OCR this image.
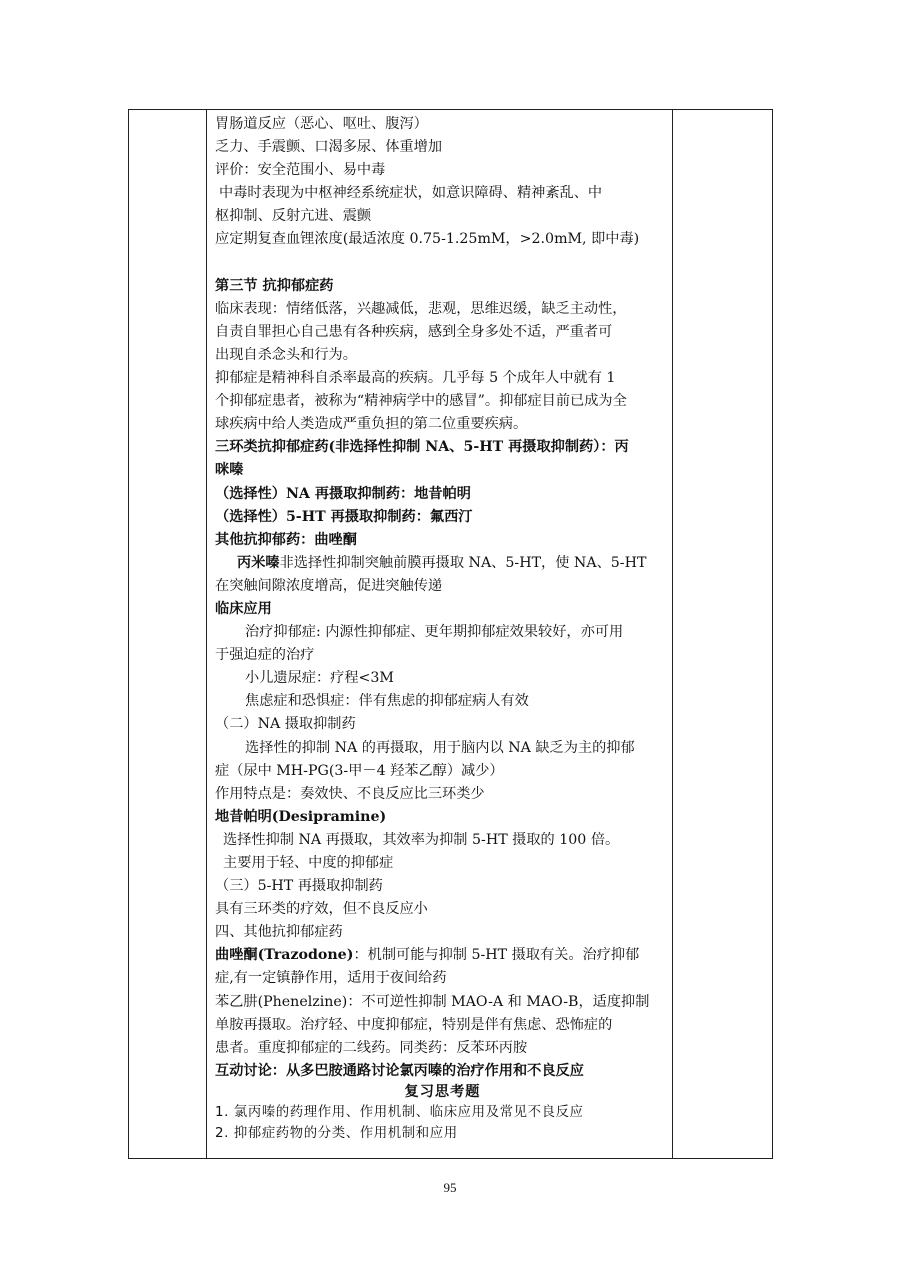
胃肠道反应（恶心、呕吐、腹泻）
乏力、手震颤、口渴多尿、体重增加
评价：安全范围小、易中毒
中毒时表现为中枢神经系统症状，如意识障碍、精神紊乱、中
枢抑制、反射亢进、震颤
应定期复查血锂浓度(最适浓度 0.75-1.25mM，>2.0mM, 即中毒)
第三节 抗抑郁症药
临床表现：情绪低落，兴趣减低，悲观，思维迟缓，缺乏主动性，
自责自罪担心自己患有各种疾病，感到全身多处不适，严重者可
出现自杀念头和行为。
抑郁症是精神科自杀率最高的疾病。几乎每 5 个成年人中就有 1
个抑郁症患者，被称为“精神病学中的感冒”。抑郁症目前已成为全
球疾病中给人类造成严重负担的第二位重要疾病。
三环类抗抑郁症药(非选择性抑制 NA、5-HT 再摄取抑制药）：丙
咪嗪
（选择性）NA 再摄取抑制药：地昔帕明
（选择性）5-HT 再摄取抑制药：氟西汀
其他抗抑郁药：曲唑酮
丙米嗪非选择性抑制突触前膜再摄取 NA、5-HT，使 NA、5-HT
在突触间隙浓度增高，促进突触传递
临床应用
治疗抑郁症: 内源性抑郁症、更年期抑郁症效果较好，亦可用
于强迫症的治疗
小儿遗尿症：疗程<3M
焦虑症和恐惧症：伴有焦虑的抑郁症病人有效
（二）NA 摄取抑制药
选择性的抑制 NA 的再摄取，用于脑内以 NA 缺乏为主的抑郁
症（尿中 MH-PG(3-甲－4 羟苯乙醇）减少）
作用特点是：奏效快、不良反应比三环类少
地昔帕明(Desipramine)
选择性抑制 NA 再摄取，其效率为抑制 5-HT 摄取的 100 倍。
主要用于轻、中度的抑郁症
（三）5-HT 再摄取抑制药
具有三环类的疗效，但不良反应小
四、其他抗抑郁症药
曲唑酮(Trazodone)：机制可能与抑制 5-HT 摄取有关。治疗抑郁
症,有一定镇静作用，适用于夜间给药
苯乙肼(Phenelzine)：不可逆性抑制 MAO-A 和 MAO-B，适度抑制
单胺再摄取。治疗轻、中度抑郁症，特别是伴有焦虑、恐怖症的
患者。重度抑郁症的二线药。同类药：反苯环丙胺
互动讨论：从多巴胺通路讨论氯丙嗪的治疗作用和不良反应
复习思考题
1. 氯丙嗪的药理作用、作用机制、临床应用及常见不良反应
2. 抑郁症药物的分类、作用机制和应用
95
